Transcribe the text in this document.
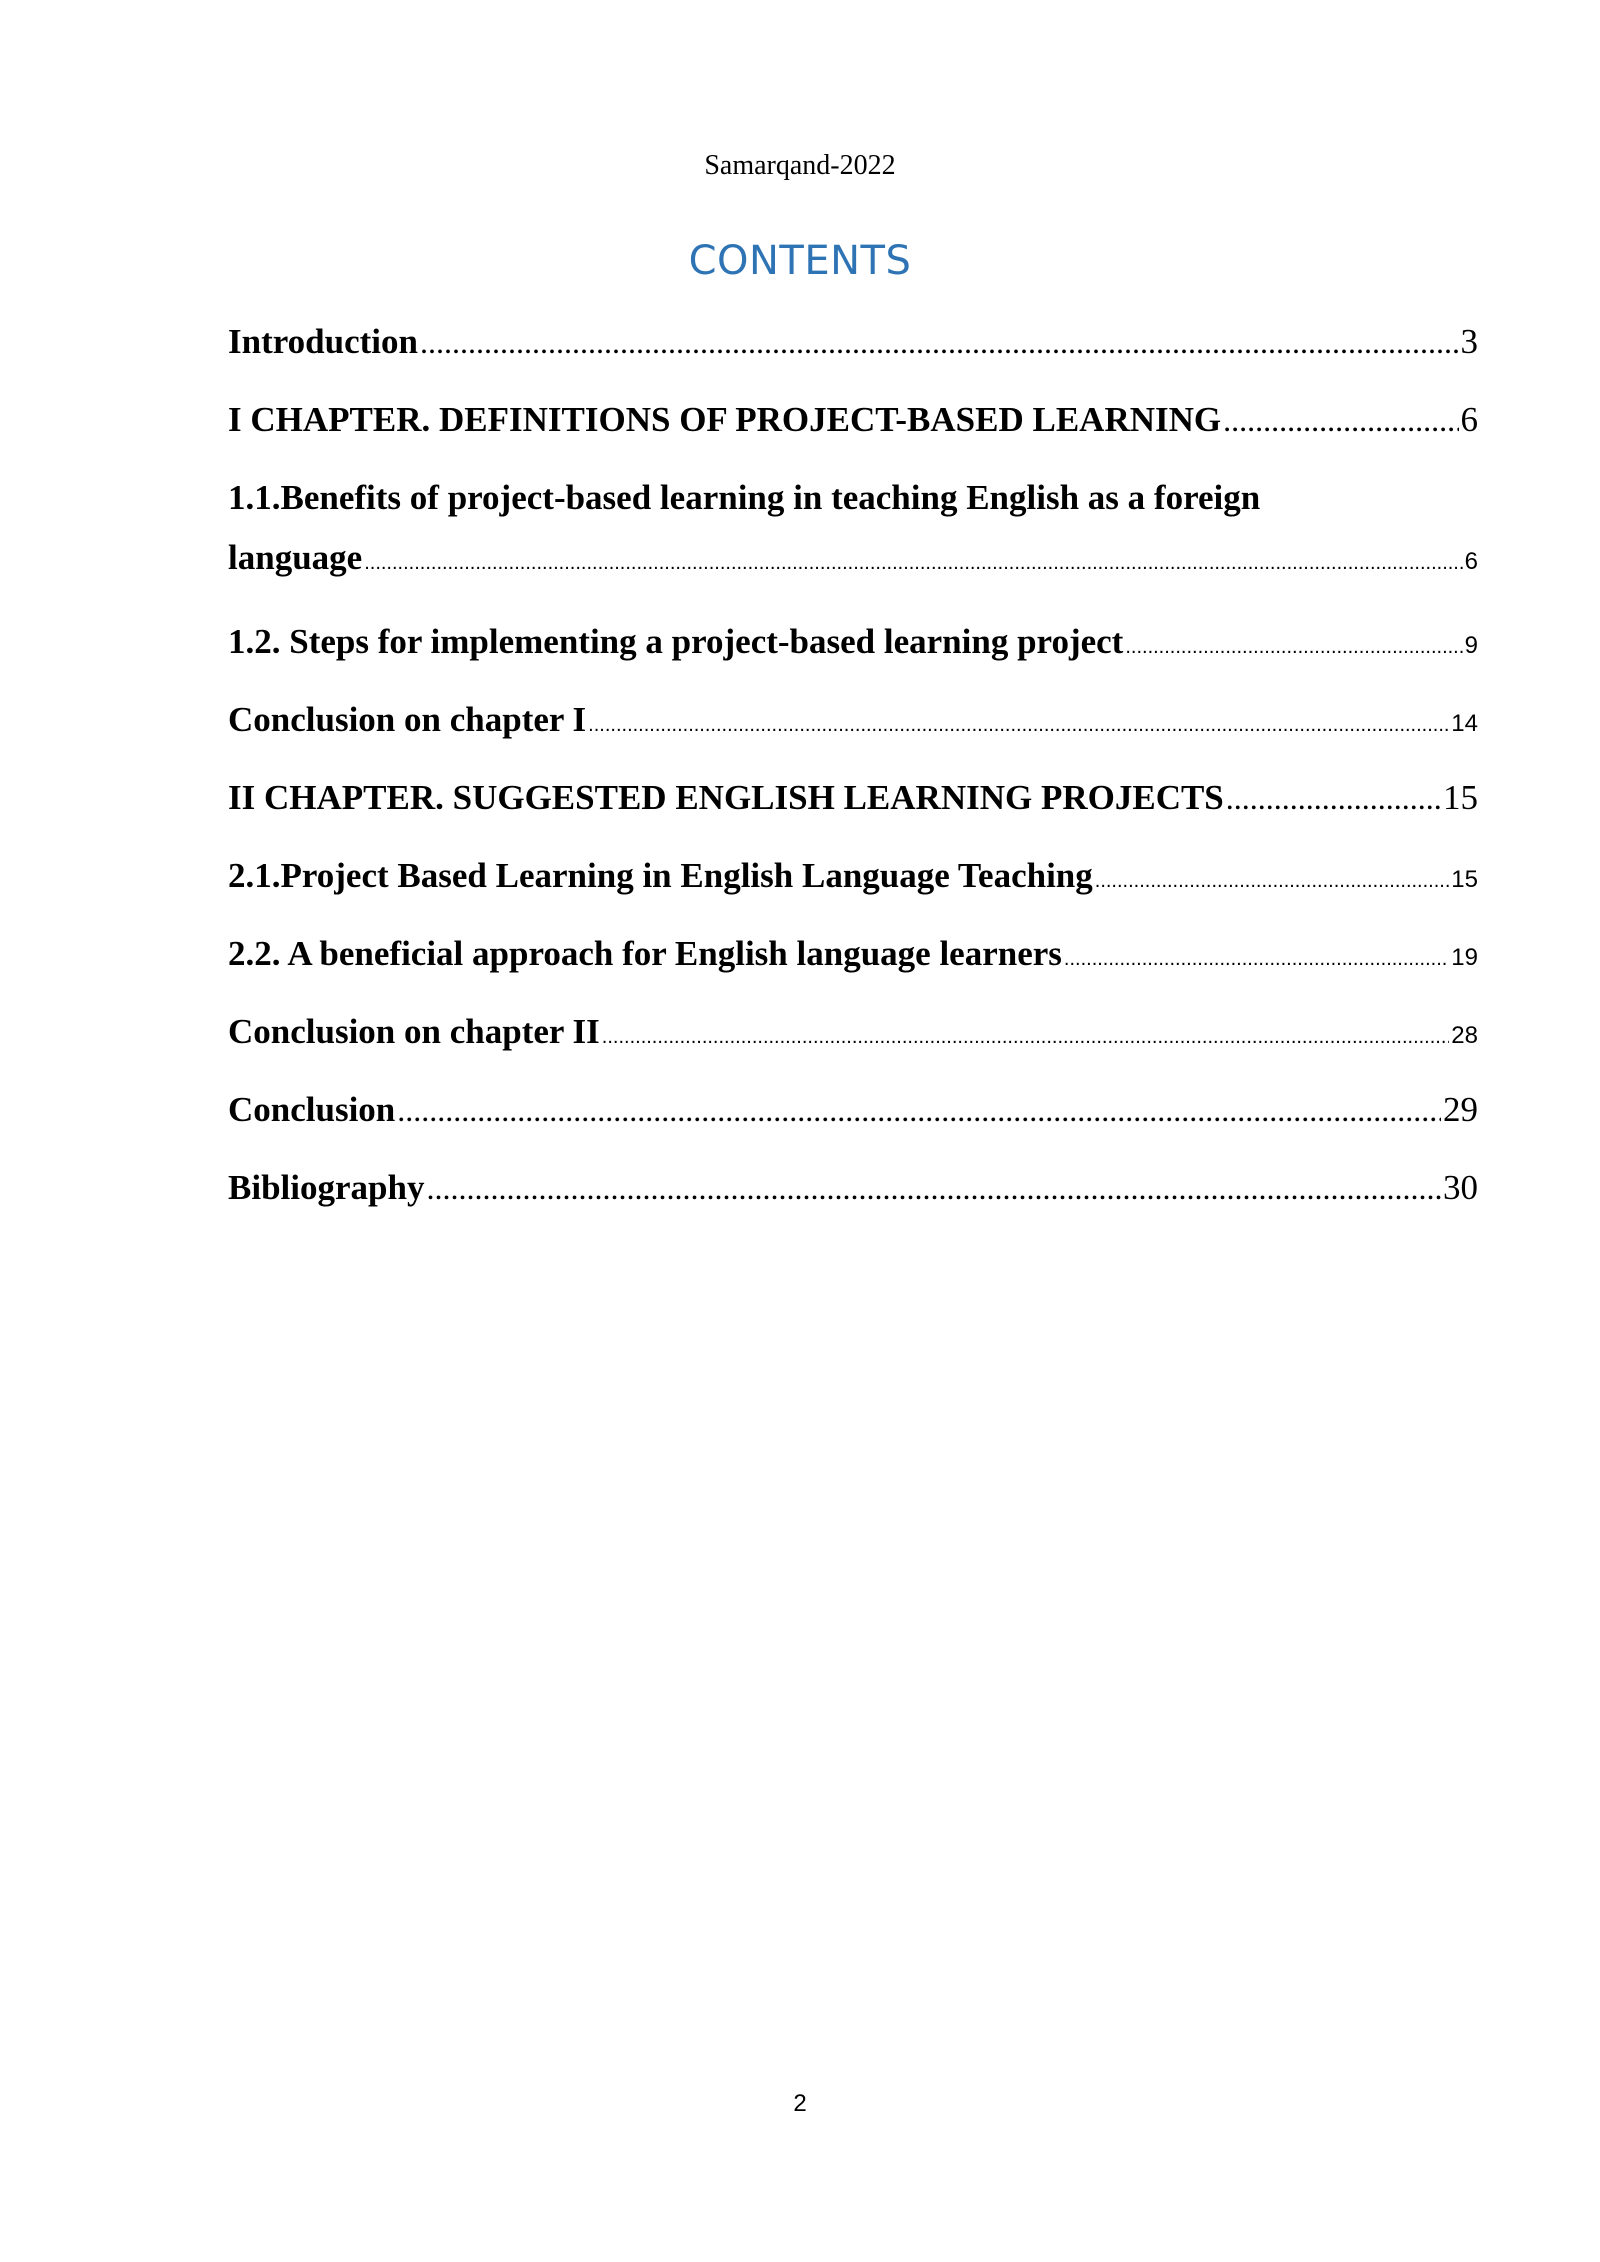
Samarqand-2022
CONTENTS
Introduction .....	3
I CHAPTER. DEFINITIONS OF PROJECT-BASED LEARNING .....	6
1.1.Benefits of project-based learning in teaching English as a foreign
language .....	6
1.2. Steps for implementing a project-based learning project .....	9
Conclusion on chapter I .....	14
II CHAPTER. SUGGESTED ENGLISH LEARNING PROJECTS .....	15
2.1.Project Based Learning in English Language Teaching .....	15
2.2. A beneficial approach for English language learners .....	19
Conclusion on chapter II .....	28
Conclusion .....	29
Bibliography .....	30
2
